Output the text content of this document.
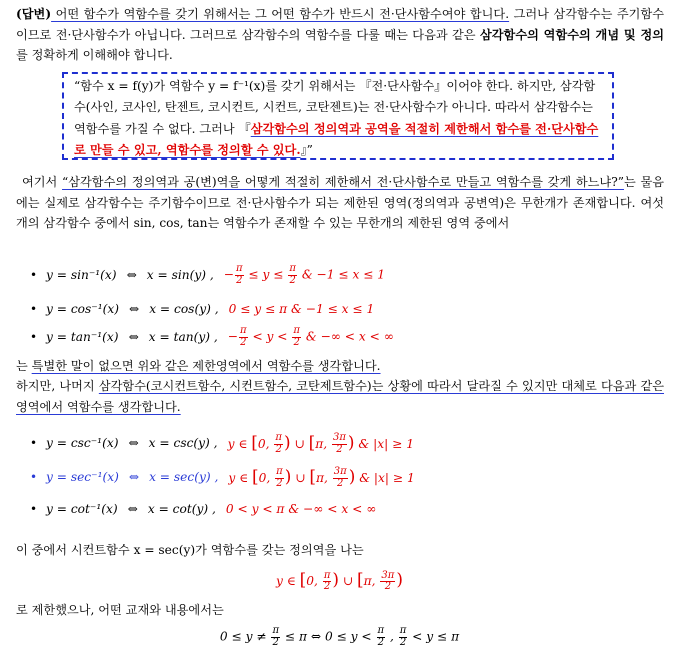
(답변) 어떤 함수가 역함수를 갖기 위해서는 그 어떤 함수가 반드시 전·단사함수여야 합니다. 그러나 삼각함수는 주기함수이므로 전·단사함수가 아닙니다. 그러므로 삼각함수의 역함수를 다룰 때는 다음과 같은 삼각함수의 역함수의 개념 및 정의를 정확하게 이해해야 합니다.

“함수 x = f(y)가 역함수 y = f⁻¹(x)를 갖기 위해서는 『전·단사함수』이어야 한다. 하지만, 삼각함수(사인, 코사인, 탄젠트, 코시컨트, 시컨트, 코탄젠트)는 전·단사함수가 아니다. 따라서 삼각함수는 역함수를 가질 수 없다. 그러나 『삼각함수의 정의역과 공역을 적절히 제한해서 함수를 전·단사함수로 만들 수 있고, 역함수를 정의할 수 있다.』”

여기서 “삼각함수의 정의역과 공(변)역을 어떻게 적절히 제한해서 전·단사함수로 만들고 역함수를 갖게 하느냐?”는 물음에는 실제로 삼각함수는 주기함수이므로 전·단사함수가 되는 제한된 영역(정의역과 공변역)은 무한개가 존재합니다. 여섯 개의 삼각함수 중에서 sin, cos, tan는 역함수가 존재할 수 있는 무한개의 제한된 영역 중에서

• y = sin⁻¹(x) ⇔ x = sin(y) , − $\frac{\pi}{2} \le y \le \frac{\pi}{2}$ & −1 ≤ x ≤ 1
• y = cos⁻¹(x) ⇔ x = cos(y) , 0 ≤ y ≤ π & −1 ≤ x ≤ 1
• y = tan⁻¹(x) ⇔ x = tan(y) , − $\frac{\pi}{2} < y < \frac{\pi}{2}$ & −∞ < x < ∞

는 특별한 말이 없으면 위와 같은 제한영역에서 역함수를 생각합니다.

하지만, 나머지 삼각함수(코시컨트함수, 시컨트함수, 코탄제트함수)는 상황에 따라서 달라질 수 있지만 대체로 다음과 같은 영역에서 역함수를 생각합니다.

• y = csc⁻¹(x) ⇔ x = csc(y) , y ∈ [0, $\frac{\pi}{2}$ ) ∪ [π, $\frac{3\pi}{2}$ ) & |x| ≥ 1
• y = sec⁻¹(x) ⇔ x = sec(y) , y ∈ [0, $\frac{\pi}{2}$ ) ∪ [π, $\frac{3\pi}{2}$ ) & |x| ≥ 1
• y = cot⁻¹(x) ⇔ x = cot(y) , 0 < y < π & −∞ < x < ∞

이 중에서 시컨트함수 x = sec(y)가 역함수를 갖는 정의역을 나는

y ∈ [0, $\frac{\pi}{2}$ ) ∪ [π, $\frac{3\pi}{2}$ )

로 제한했으나, 어떤 교재와 내용에서는

$0 \le y \ne \frac{\pi}{2} \le \pi$ ⇔ $0 \le y < \frac{\pi}{2}$ , $\frac{\pi}{2} < y \le \pi$
